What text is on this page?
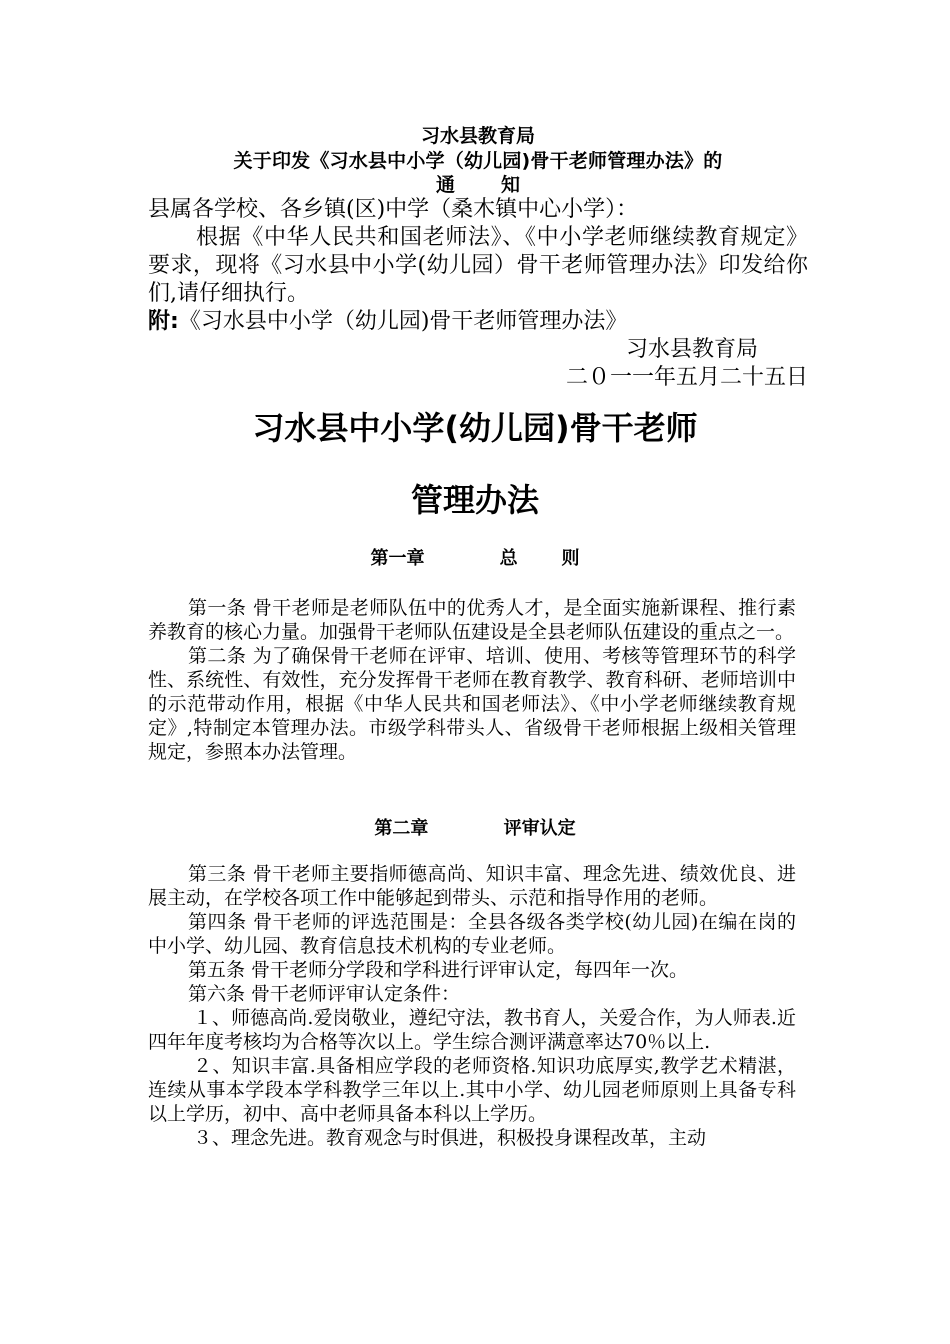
习水县教育局
关于印发《习水县中小学（幼儿园)骨干老师管理办法》的
通 知
县属各学校、各乡镇(区)中学（桑木镇中心小学）：
根据《中华人民共和国老师法》、《中小学老师继续教育规定》要求，现将《习水县中小学(幼儿园）骨干老师管理办法》印发给你们,请仔细执行。
附:《习水县中小学（幼儿园)骨干老师管理办法》
习水县教育局
二０一一年五月二十五日
习水县中小学(幼儿园)骨干老师
管理办法
第一章            总       则

第一条 骨干老师是老师队伍中的优秀人才，是全面实施新课程、推行素养教育的核心力量。加强骨干老师队伍建设是全县老师队伍建设的重点之一。

第二条 为了确保骨干老师在评审、培训、使用、考核等管理环节的科学性、系统性、有效性，充分发挥骨干老师在教育教学、教育科研、老师培训中的示范带动作用，根据《中华人民共和国老师法》、《中小学老师继续教育规定》,特制定本管理办法。市级学科带头人、省级骨干老师根据上级相关管理规定，参照本办法管理。

第二章            评审认定

第三条 骨干老师主要指师德高尚、知识丰富、理念先进、绩效优良、进展主动，在学校各项工作中能够起到带头、示范和指导作用的老师。

第四条 骨干老师的评选范围是：全县各级各类学校(幼儿园)在编在岗的中小学、幼儿园、教育信息技术机构的专业老师。

第五条 骨干老师分学段和学科进行评审认定，每四年一次。

第六条 骨干老师评审认定条件：

１、师德高尚.爱岗敬业，遵纪守法，教书育人，关爱合作，为人师表.近四年年度考核均为合格等次以上。学生综合测评满意率达70％以上.

２、知识丰富.具备相应学段的老师资格.知识功底厚实,教学艺术精湛，连续从事本学段本学科教学三年以上.其中小学、幼儿园老师原则上具备专科以上学历，初中、高中老师具备本科以上学历。

３、理念先进。教育观念与时俱进，积极投身课程改革，主动
